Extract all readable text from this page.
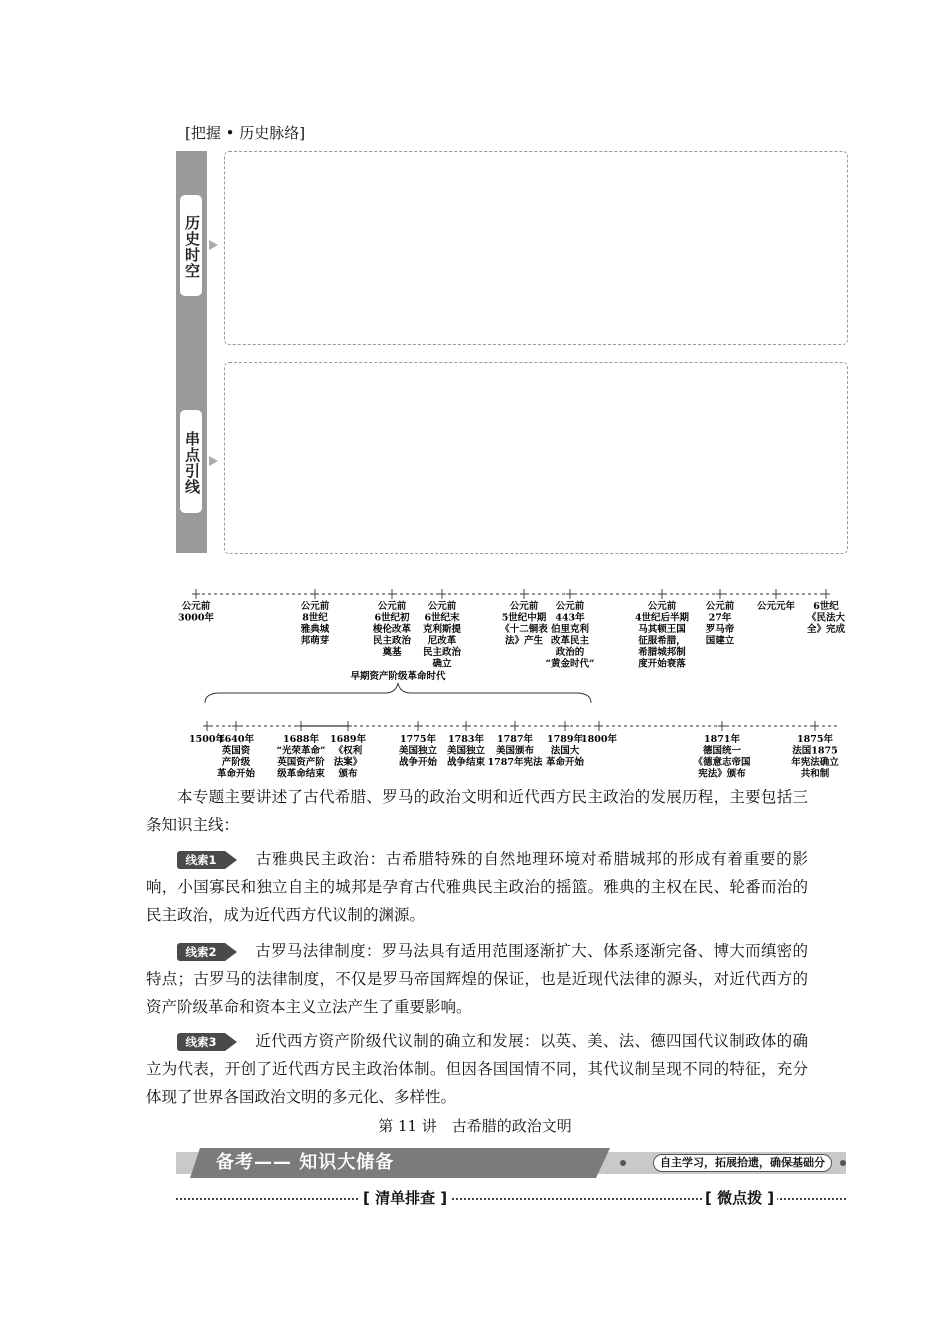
[把握 • 历史脉络]
历史时空
串点引线
公元前 3000年
公元前 8世纪雅典城邦萌芽
公元前 6世纪初梭伦改革民主政治奠基
公元前 6世纪末克利斯提尼改革民主政治确立
公元前 5世纪中期《十二铜表法》产生
公元前 443年伯里克利改革民主政治的“黄金时代”
公元前 4世纪后半期马其顿王国征服希腊，希腊城邦制度开始衰落
公元前 27年罗马帝国建立
公元元年	6世纪《民法大全》完成
早期资产阶级革命时代
1500年
1640年英国资产阶级革命开始
1688年“光荣革命”英国资产阶级革命结束
1689年《权利法案》颁布
1775年美国独立战争开始
1783年美国独立战争结束
1787年美国颁布 1787年宪法
1789年法国大革命开始
1800年	1871年德国统一《德意志帝国宪法》颁布
1875年法国1875 年宪法确立共和制
本专题主要讲述了古代希腊、罗马的政治文明和近代西方民主政治的发展历程，主要包括三条知识主线：
线索1	古雅典民主政治：古希腊特殊的自然地理环境对希腊城邦的形成有着重要的影响，小国寡民和独立自主的城邦是孕育古代雅典民主政治的摇篮。雅典的主权在民、轮番而治的民主政治，成为近代西方代议制的渊源。
线索2	古罗马法律制度：罗马法具有适用范围逐渐扩大、体系逐渐完备、博大而缜密的特点；古罗马的法律制度，不仅是罗马帝国辉煌的保证，也是近现代法律的源头，对近代西方的资产阶级革命和资本主义立法产生了重要影响。
线索3	近代西方资产阶级代议制的确立和发展：以英、美、法、德四国代议制政体的确立为代表，开创了近代西方民主政治体制。但因各国国情不同，其代议制呈现不同的特征，充分体现了世界各国政治文明的多元化、多样性。
第 11 讲　古希腊的政治文明
备考—— 知识大储备	自主学习，拓展拾遗，确保基础分
[ 清单排查 ]	[ 微点拨 ]
